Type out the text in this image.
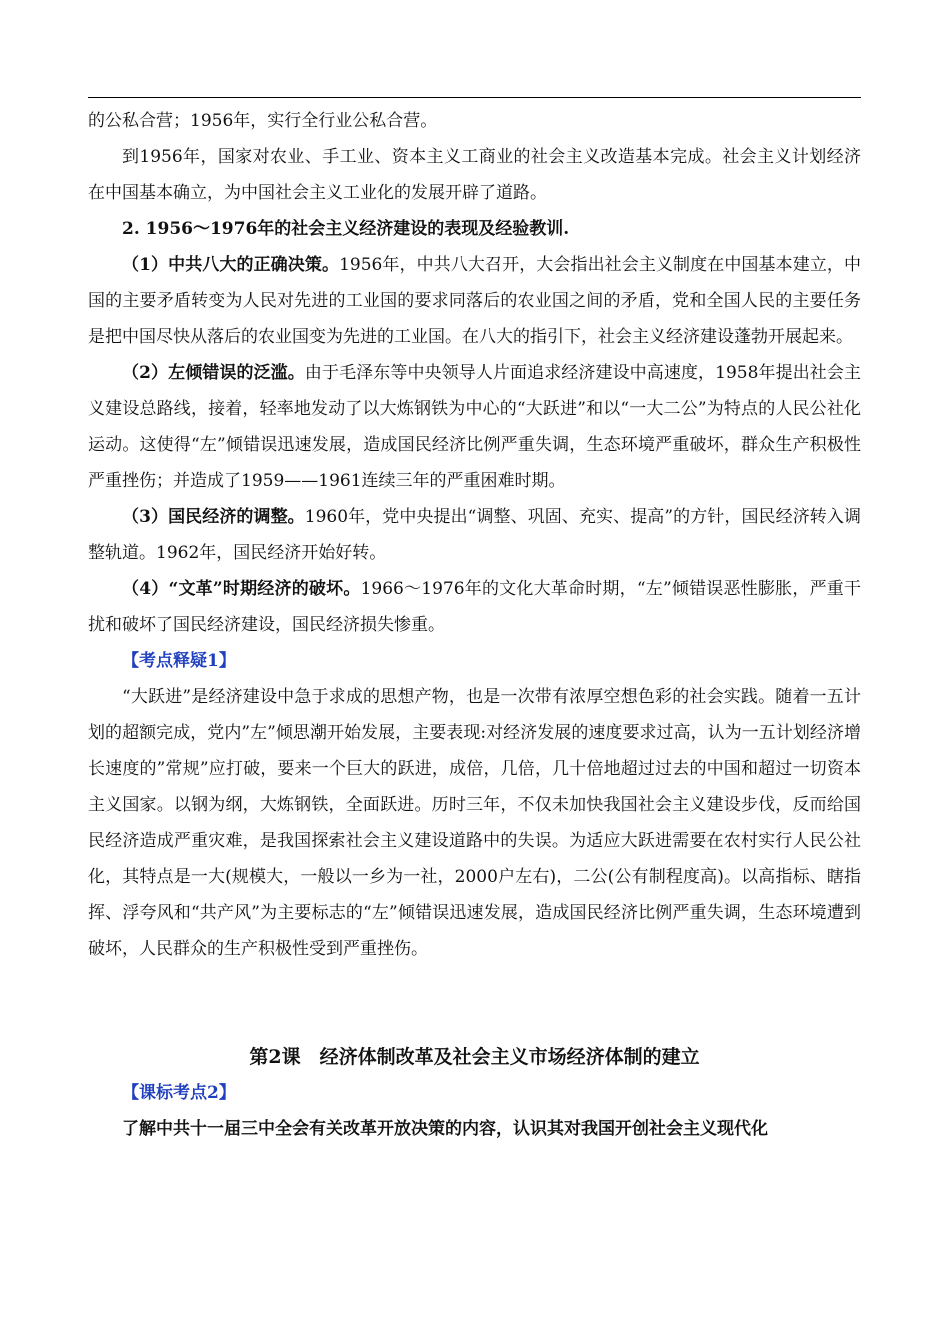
的公私合营；1956年，实行全行业公私合营。

到1956年，国家对农业、手工业、资本主义工商业的社会主义改造基本完成。社会主义计划经济在中国基本确立，为中国社会主义工业化的发展开辟了道路。

2. 1956～1976年的社会主义经济建设的表现及经验教训.

（1）中共八大的正确决策。1956年，中共八大召开，大会指出社会主义制度在中国基本建立，中国的主要矛盾转变为人民对先进的工业国的要求同落后的农业国之间的矛盾，党和全国人民的主要任务是把中国尽快从落后的农业国变为先进的工业国。在八大的指引下，社会主义经济建设蓬勃开展起来。

（2）左倾错误的泛滥。由于毛泽东等中央领导人片面追求经济建设中高速度，1958年提出社会主义建设总路线，接着，轻率地发动了以大炼钢铁为中心的“大跃进”和以“一大二公”为特点的人民公社化运动。这使得“左”倾错误迅速发展，造成国民经济比例严重失调，生态环境严重破坏，群众生产积极性严重挫伤；并造成了1959——1961连续三年的严重困难时期。

（3）国民经济的调整。1960年，党中央提出“调整、巩固、充实、提高”的方针，国民经济转入调整轨道。1962年，国民经济开始好转。

（4）“文革”时期经济的破坏。1966～1976年的文化大革命时期，“左”倾错误恶性膨胀，严重干扰和破坏了国民经济建设，国民经济损失惨重。

【考点释疑1】

“大跃进”是经济建设中急于求成的思想产物，也是一次带有浓厚空想色彩的社会实践。随着一五计划的超额完成，党内”左”倾思潮开始发展，主要表现:对经济发展的速度要求过高，认为一五计划经济增长速度的”常规”应打破，要来一个巨大的跃进，成倍，几倍，几十倍地超过过去的中国和超过一切资本主义国家。以钢为纲，大炼钢铁，全面跃进。历时三年，不仅未加快我国社会主义建设步伐，反而给国民经济造成严重灾难，是我国探索社会主义建设道路中的失误。为适应大跃进需要在农村实行人民公社化，其特点是一大(规模大，一般以一乡为一社，2000户左右)，二公(公有制程度高)。以高指标、瞎指挥、浮夸风和“共产风”为主要标志的“左”倾错误迅速发展，造成国民经济比例严重失调，生态环境遭到破坏，人民群众的生产积极性受到严重挫伤。

第2课　经济体制改革及社会主义市场经济体制的建立

【课标考点2】

了解中共十一届三中全会有关改革开放决策的内容，认识其对我国开创社会主义现代化
